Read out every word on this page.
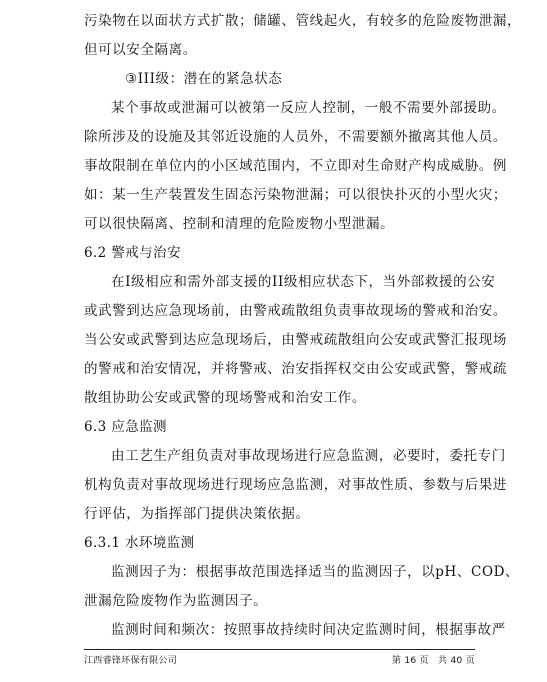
污染物在以面状方式扩散；储罐、管线起火，有较多的危险废物泄漏，
但可以安全隔离。
③III级：潜在的紧急状态
某个事故或泄漏可以被第一反应人控制，一般不需要外部援助。
除所涉及的设施及其邻近设施的人员外，不需要额外撤离其他人员。
事故限制在单位内的小区域范围内，不立即对生命财产构成威胁。例
如：某一生产装置发生固态污染物泄漏；可以很快扑灭的小型火灾；
可以很快隔离、控制和清理的危险废物小型泄漏。
6.2 警戒与治安
在I级相应和需外部支援的II级相应状态下，当外部救援的公安
或武警到达应急现场前，由警戒疏散组负责事故现场的警戒和治安。
当公安或武警到达应急现场后，由警戒疏散组向公安或武警汇报现场
的警戒和治安情况，并将警戒、治安指挥权交由公安或武警，警戒疏
散组协助公安或武警的现场警戒和治安工作。
6.3 应急监测
由工艺生产组负责对事故现场进行应急监测，必要时，委托专门
机构负责对事故现场进行现场应急监测，对事故性质、参数与后果进
行评估，为指挥部门提供决策依据。
6.3.1 水环境监测
监测因子为：根据事故范围选择适当的监测因子，以pH、COD、
泄漏危险废物作为监测因子。
监测时间和频次：按照事故持续时间决定监测时间，根据事故严
江西睿锋环保有限公司	第 16 页 共 40 页
